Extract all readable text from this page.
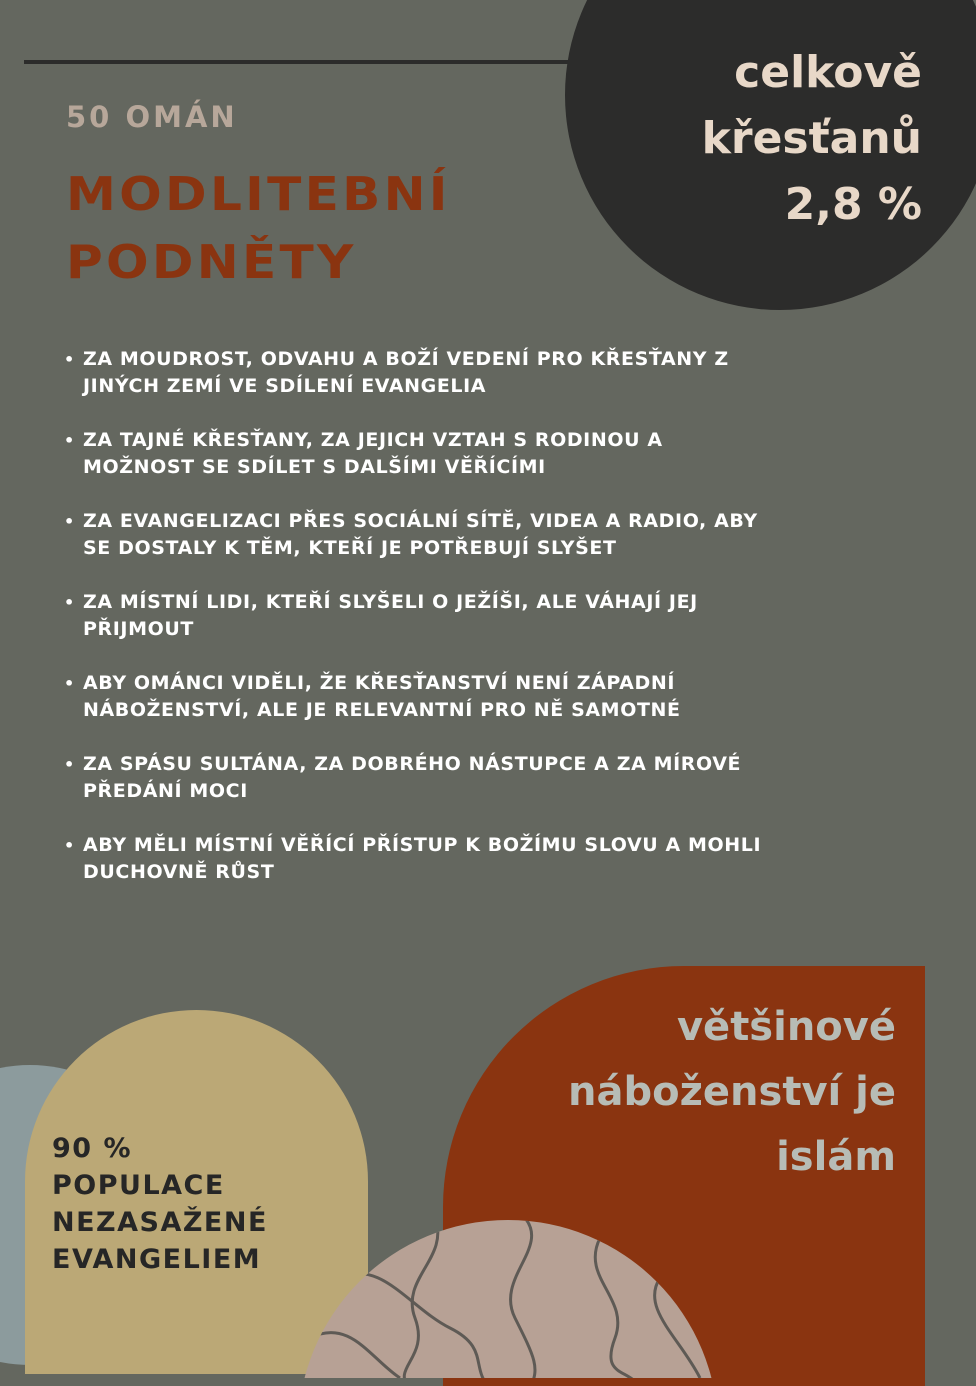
celkově
křesťanů
2,8 %
50 OMÁN
MODLITEBNÍ
PODNĚTY
• ZA MOUDROST, ODVAHU A BOŽÍ VEDENÍ PRO KŘESŤANY Z
JINÝCH ZEMÍ VE SDÍLENÍ EVANGELIA
• ZA TAJNÉ KŘESŤANY, ZA JEJICH VZTAH S RODINOU A
MOŽNOST SE SDÍLET S DALŠÍMI VĚŘÍCÍMI
• ZA EVANGELIZACI PŘES SOCIÁLNÍ SÍTĚ, VIDEA A RADIO, ABY
SE DOSTALY K TĚM, KTEŘÍ JE POTŘEBUJÍ SLYŠET
• ZA MÍSTNÍ LIDI, KTEŘÍ SLYŠELI O JEŽÍŠI, ALE VÁHAJÍ JEJ
PŘIJMOUT
• ABY OMÁNCI VIDĚLI, ŽE KŘESŤANSTVÍ NENÍ ZÁPADNÍ
NÁBOŽENSTVÍ, ALE JE RELEVANTNÍ PRO NĚ SAMOTNÉ
• ZA SPÁSU SULTÁNA, ZA DOBRÉHO NÁSTUPCE A ZA MÍROVÉ
PŘEDÁNÍ MOCI
• ABY MĚLI MÍSTNÍ VĚŘÍCÍ PŘÍSTUP K BOŽÍMU SLOVU A MOHLI
DUCHOVNĚ RŮST
90 %
POPULACE
NEZASAŽENÉ
EVANGELIEM
většinové
náboženství je
islám
